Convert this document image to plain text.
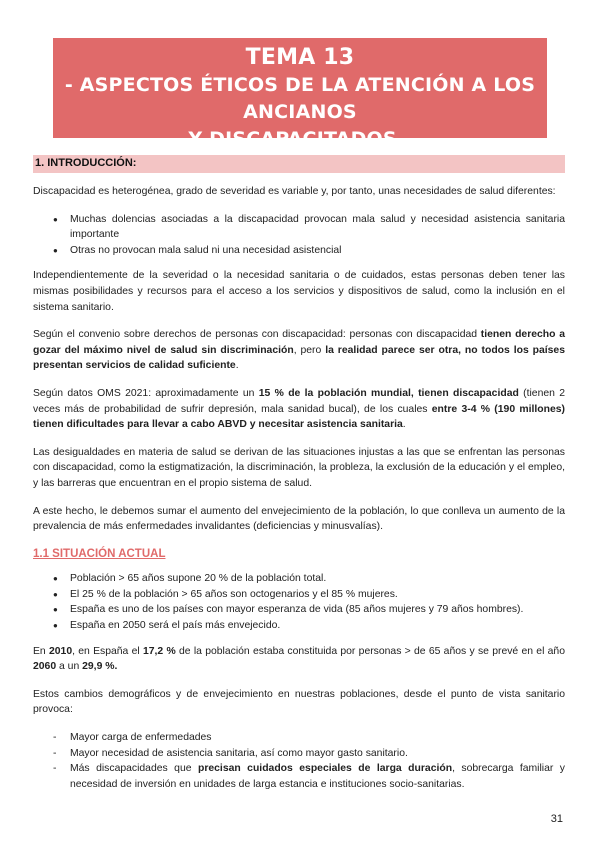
TEMA 13
- ASPECTOS ÉTICOS DE LA ATENCIÓN A LOS ANCIANOS
Y DISCAPACITADOS -
1. INTRODUCCIÓN:

Discapacidad es heterogénea, grado de severidad es variable y, por tanto, unas necesidades de salud diferentes:

● Muchas dolencias asociadas a la discapacidad provocan mala salud y necesidad asistencia sanitaria importante
● Otras no provocan mala salud ni una necesidad asistencial

Independientemente de la severidad o la necesidad sanitaria o de cuidados, estas personas deben tener las mismas posibilidades y recursos para el acceso a los servicios y dispositivos de salud, como la inclusión en el sistema sanitario.

Según el convenio sobre derechos de personas con discapacidad: personas con discapacidad tienen derecho a gozar del máximo nivel de salud sin discriminación, pero la realidad parece ser otra, no todos los países presentan servicios de calidad suficiente.

Según datos OMS 2021: aproximadamente un 15 % de la población mundial, tienen discapacidad (tienen 2 veces más de probabilidad de sufrir depresión, mala sanidad bucal), de los cuales entre 3-4 % (190 millones) tienen dificultades para llevar a cabo ABVD y necesitar asistencia sanitaria.

Las desigualdades en materia de salud se derivan de las situaciones injustas a las que se enfrentan las personas con discapacidad, como la estigmatización, la discriminación, la probleza, la exclusión de la educación y el empleo, y las barreras que encuentran en el propio sistema de salud.

A este hecho, le debemos sumar el aumento del envejecimiento de la población, lo que conlleva un aumento de la prevalencia de más enfermedades invalidantes (deficiencias y minusvalías).

1.1 SITUACIÓN ACTUAL
● Población > 65 años supone 20 % de la población total.
● El 25 % de la población > 65 años son octogenarios y el 85 % mujeres.
● España es uno de los países con mayor esperanza de vida (85 años mujeres y 79 años hombres).
● España en 2050 será el país más envejecido.

En 2010, en España el 17,2 % de la población estaba constituida por personas > de 65 años y se prevé en el año 2060 a un 29,9 %.

Estos cambios demográficos y de envejecimiento en nuestras poblaciones, desde el punto de vista sanitario provoca:

- Mayor carga de enfermedades
- Mayor necesidad de asistencia sanitaria, así como mayor gasto sanitario.
- Más discapacidades que precisan cuidados especiales de larga duración, sobrecarga familiar y necesidad de inversión en unidades de larga estancia e instituciones socio-sanitarias.
31
